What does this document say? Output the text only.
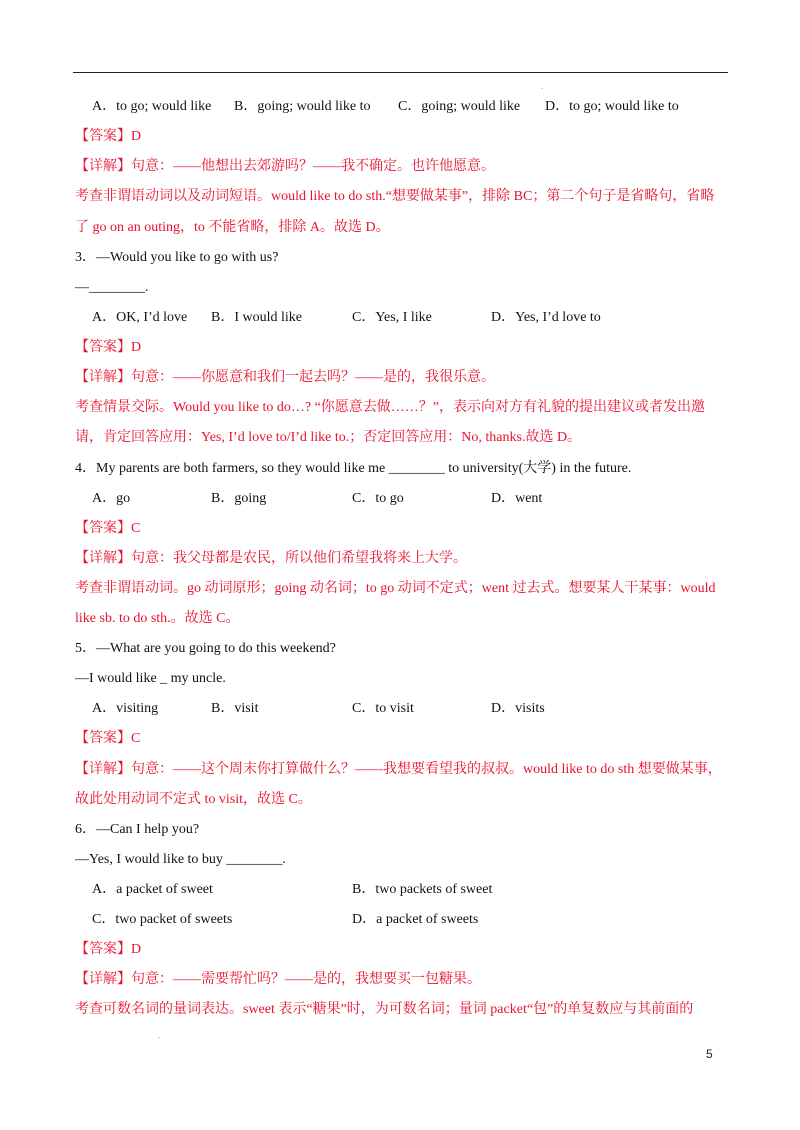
.
A．to go; would like B．going; would like to C．going; would like D．to go; would like to
【答案】D
【详解】句意：——他想出去郊游吗？——我不确定。也许他愿意。
考查非谓语动词以及动词短语。would like to do sth.“想要做某事”，排除 BC；第二个句子是省略句，省略
了 go on an outing，to 不能省略，排除 A。故选 D。
3．—Would you like to go with us?
—________.
A．OK, I’d love B．I would like	C．Yes, I like	D．Yes, I’d love to
【答案】D
【详解】句意：——你愿意和我们一起去吗？——是的，我很乐意。
考查情景交际。Would you like to do…? “你愿意去做……？”，表示向对方有礼貌的提出建议或者发出邀
请，肯定回答应用：Yes, I’d love to/I’d like to.；否定回答应用：No, thanks.故选 D。
4．My parents are both farmers, so they would like me ________ to university(大学) in the future.
A．go	B．going	C．to go	D．went
【答案】C
【详解】句意：我父母都是农民，所以他们希望我将来上大学。
考查非谓语动词。go 动词原形；going 动名词；to go 动词不定式；went 过去式。想要某人干某事：would
like sb. to do sth.。故选 C。
5．—What are you going to do this weekend?
—I would like _ my uncle.
A．visiting	B．visit	C．to visit	D．visits
【答案】C
【详解】句意：——这个周末你打算做什么？——我想要看望我的叔叔。would like to do sth 想要做某事，
故此处用动词不定式 to visit，故选 C。
6．—Can I help you?
—Yes, I would like to buy ________.
A．a packet of sweet	B．two packets of sweet
C．two packet of sweets	D．a packet of sweets
【答案】D
【详解】句意：——需要帮忙吗？——是的，我想要买一包糖果。
考查可数名词的量词表达。sweet 表示“糖果”时，为可数名词；量词 packet“包”的单复数应与其前面的
.
5
